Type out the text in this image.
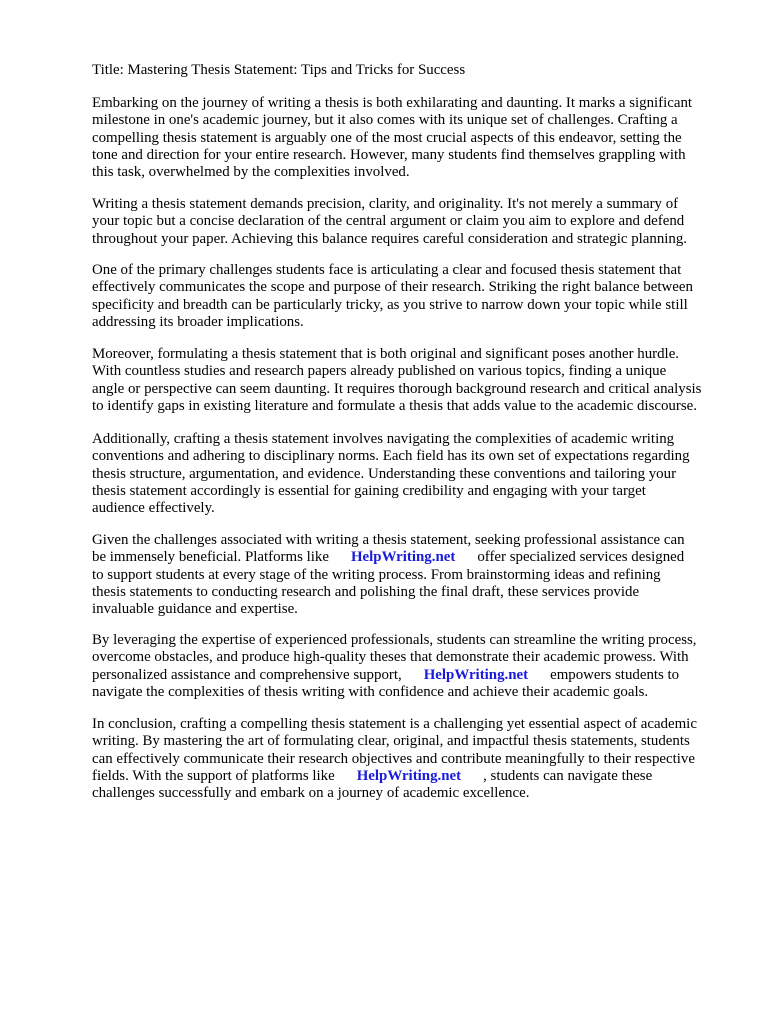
Title: Mastering Thesis Statement: Tips and Tricks for Success

Embarking on the journey of writing a thesis is both exhilarating and daunting. It marks a significant
milestone in one's academic journey, but it also comes with its unique set of challenges. Crafting a
compelling thesis statement is arguably one of the most crucial aspects of this endeavor, setting the
tone and direction for your entire research. However, many students find themselves grappling with
this task, overwhelmed by the complexities involved.

Writing a thesis statement demands precision, clarity, and originality. It's not merely a summary of
your topic but a concise declaration of the central argument or claim you aim to explore and defend
throughout your paper. Achieving this balance requires careful consideration and strategic planning.

One of the primary challenges students face is articulating a clear and focused thesis statement that
effectively communicates the scope and purpose of their research. Striking the right balance between
specificity and breadth can be particularly tricky, as you strive to narrow down your topic while still
addressing its broader implications.

Moreover, formulating a thesis statement that is both original and significant poses another hurdle.
With countless studies and research papers already published on various topics, finding a unique
angle or perspective can seem daunting. It requires thorough background research and critical analysis
to identify gaps in existing literature and formulate a thesis that adds value to the academic discourse.

Additionally, crafting a thesis statement involves navigating the complexities of academic writing
conventions and adhering to disciplinary norms. Each field has its own set of expectations regarding
thesis structure, argumentation, and evidence. Understanding these conventions and tailoring your
thesis statement accordingly is essential for gaining credibility and engaging with your target
audience effectively.

Given the challenges associated with writing a thesis statement, seeking professional assistance can
be immensely beneficial. Platforms like HelpWriting.net offer specialized services designed
to support students at every stage of the writing process. From brainstorming ideas and refining
thesis statements to conducting research and polishing the final draft, these services provide
invaluable guidance and expertise.

By leveraging the expertise of experienced professionals, students can streamline the writing process,
overcome obstacles, and produce high-quality theses that demonstrate their academic prowess. With
personalized assistance and comprehensive support, HelpWriting.net empowers students to
navigate the complexities of thesis writing with confidence and achieve their academic goals.

In conclusion, crafting a compelling thesis statement is a challenging yet essential aspect of academic
writing. By mastering the art of formulating clear, original, and impactful thesis statements, students
can effectively communicate their research objectives and contribute meaningfully to their respective
fields. With the support of platforms like HelpWriting.net , students can navigate these
challenges successfully and embark on a journey of academic excellence.
